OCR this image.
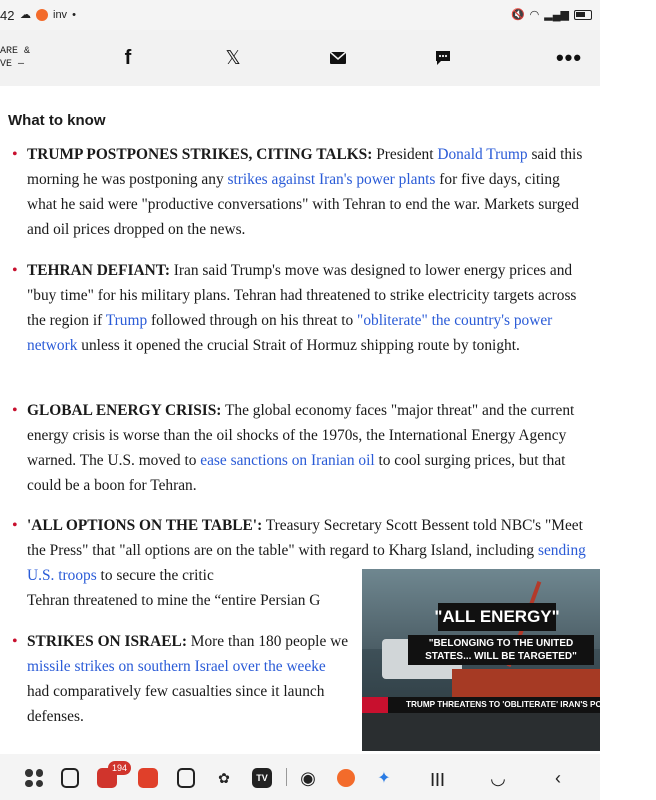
42 ☁ inv •	🔇 ◠ ▂▄▆
ARE &
VE —	f	𝕏	•••
What to know
• TRUMP POSTPONES STRIKES, CITING TALKS: President Donald Trump said this morning he was postponing any strikes against Iran's power plants for five days, citing what he said were "productive conversations" with Tehran to end the war. Markets surged and oil prices dropped on the news.
• TEHRAN DEFIANT: Iran said Trump's move was designed to lower energy prices and "buy time" for his military plans. Tehran had threatened to strike electricity targets across the region if Trump followed through on his threat to "obliterate" the country's power network unless it opened the crucial Strait of Hormuz shipping route by tonight.
• GLOBAL ENERGY CRISIS: The global economy faces "major threat" and the current energy crisis is worse than the oil shocks of the 1970s, the International Energy Agency warned. The U.S. moved to ease sanctions on Iranian oil to cool surging prices, but that could be a boon for Tehran.
• 'ALL OPTIONS ON THE TABLE': Treasury Secretary Scott Bessent told NBC's "Meet the Press" that "all options are on the table" with regard to Kharg Island, including sending U.S. troops to secure the critic
Tehran threatened to mine the “entire Persian G
• STRIKES ON ISRAEL: More than 180 people we
missile strikes on southern Israel over the weeke
had comparatively few casualties since it launch
defenses.
"ALL ENERGY"
"BELONGING TO THE UNITED STATES... WILL BE TARGETED"
TRUMP THREATENS TO 'OBLITERATE' IRAN'S POWER PLANTS
✿	TV ◉	✦	||| ◡	‹
194
